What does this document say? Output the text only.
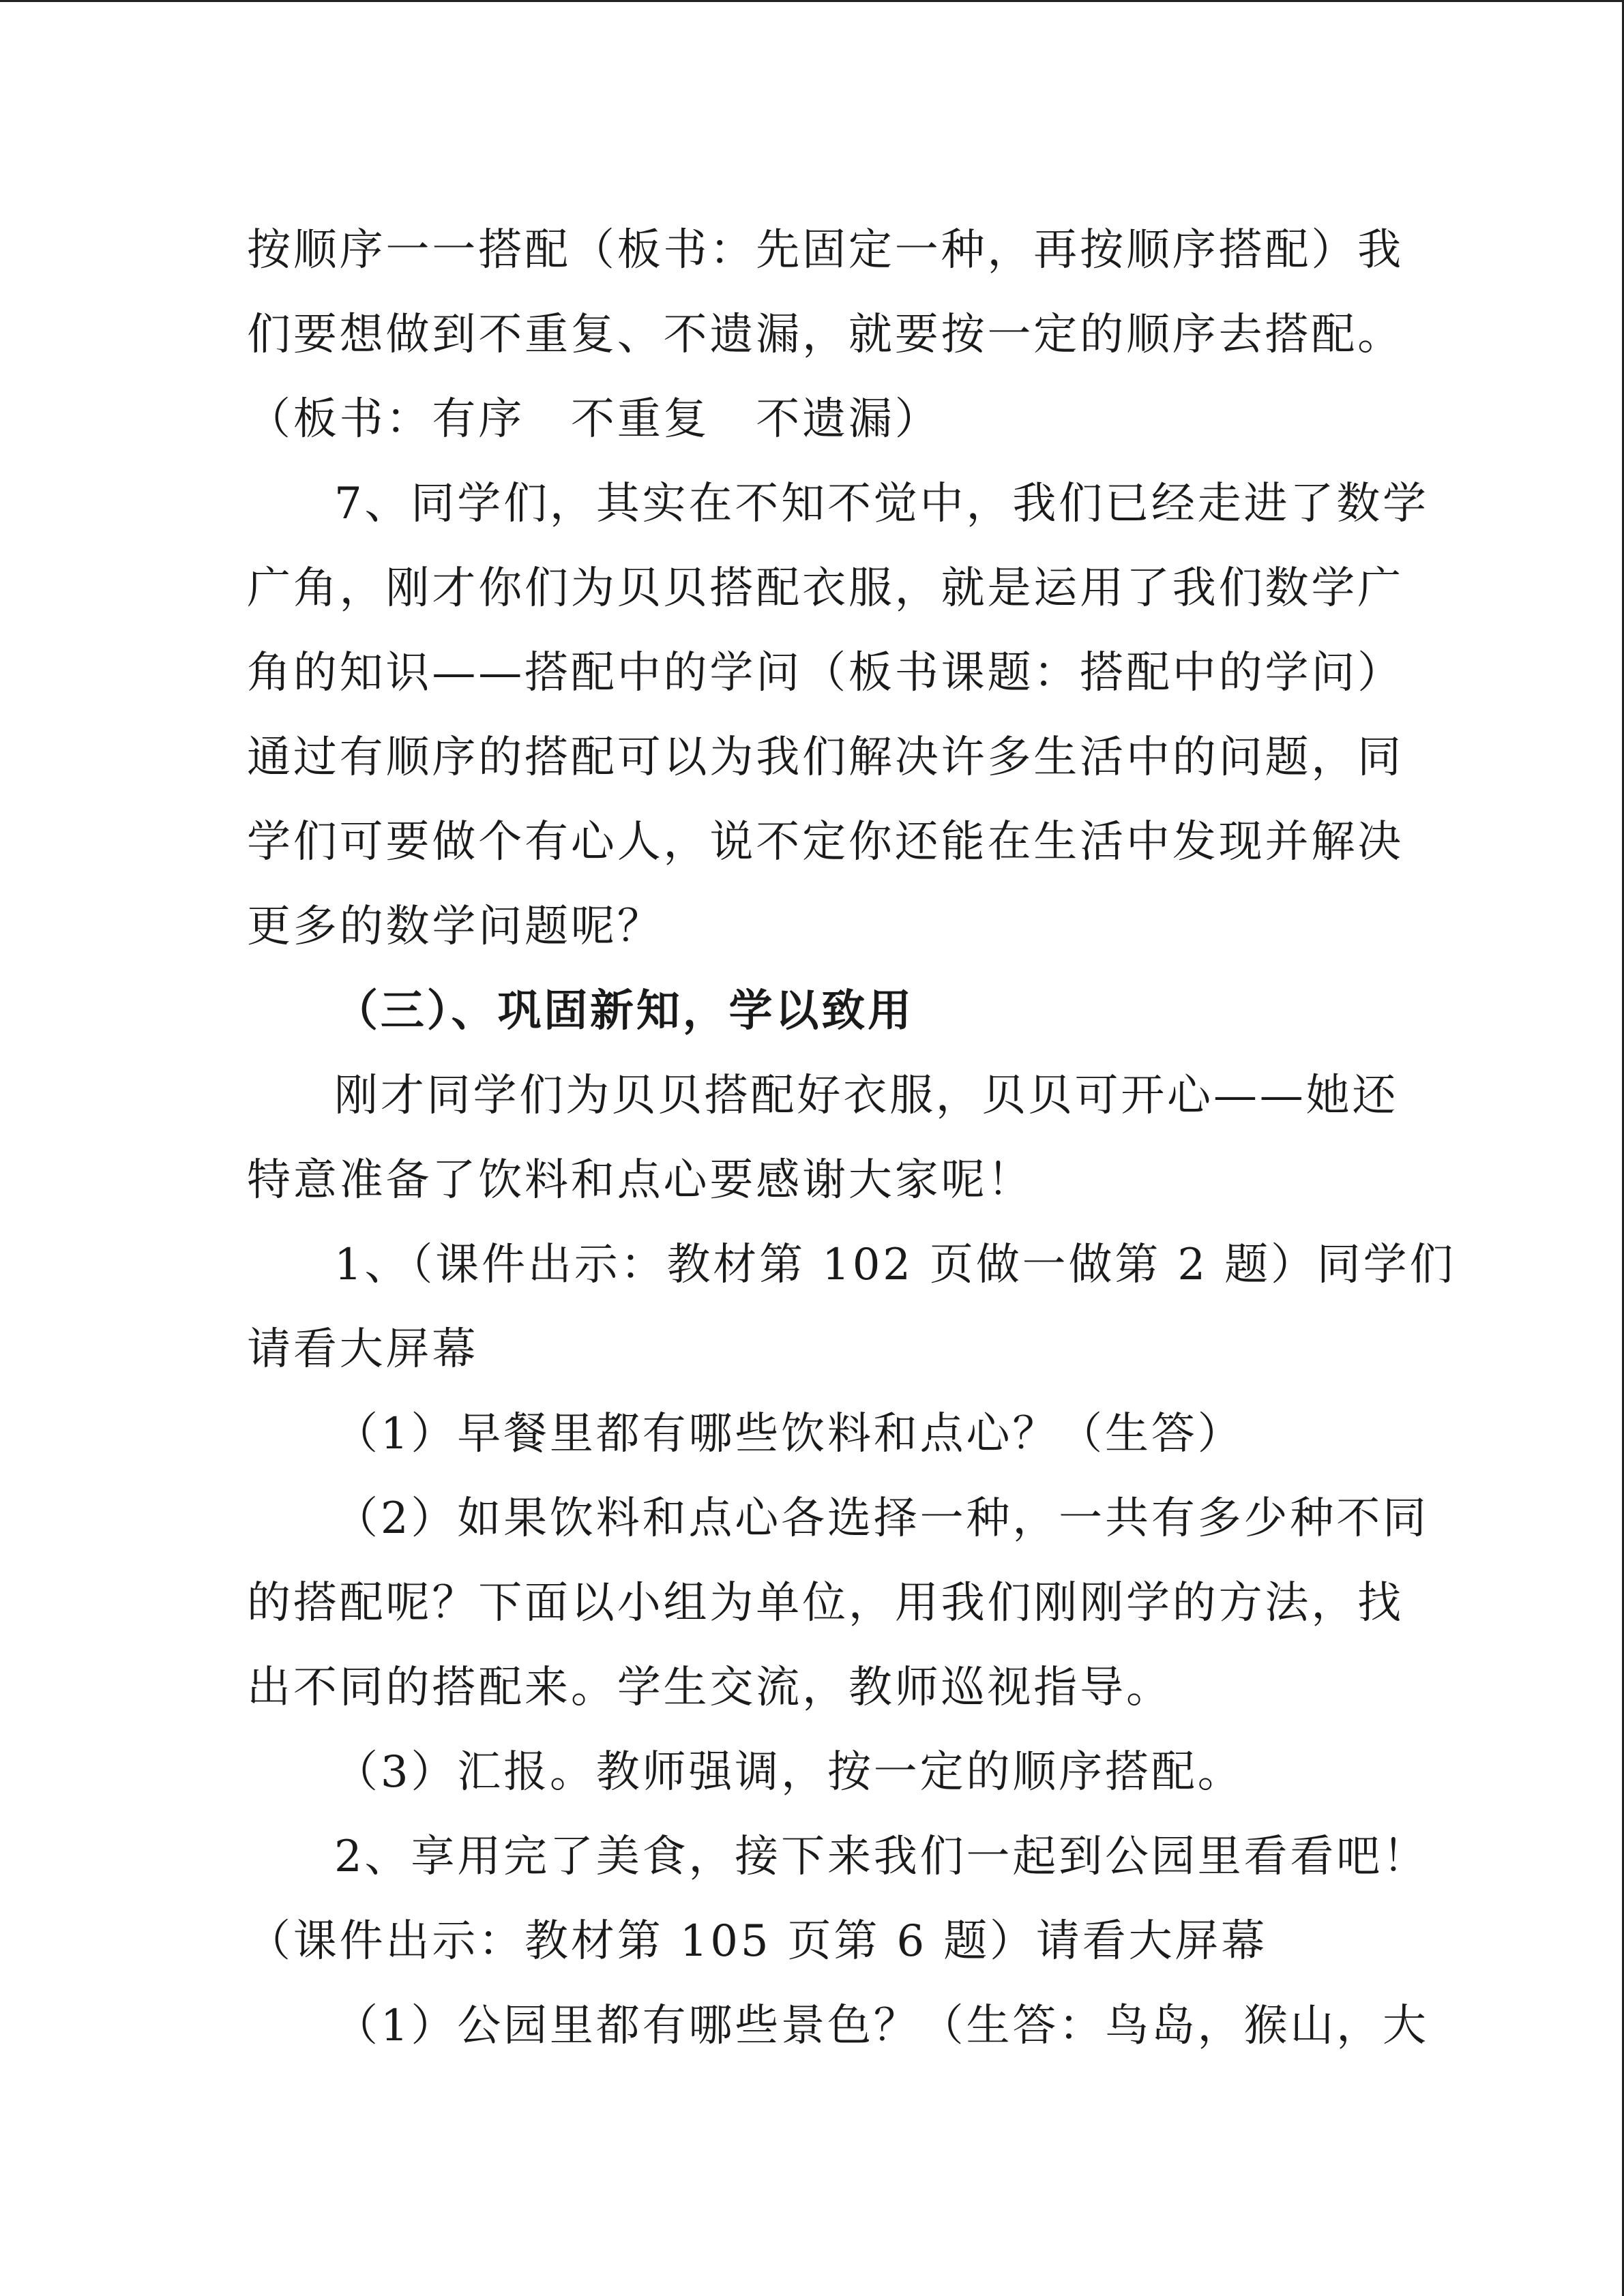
按顺序一一搭配（板书：先固定一种，再按顺序搭配）我
们要想做到不重复、不遗漏，就要按一定的顺序去搭配。
（板书：有序　不重复　不遗漏）
7、同学们，其实在不知不觉中，我们已经走进了数学
广角，刚才你们为贝贝搭配衣服，就是运用了我们数学广
角的知识——搭配中的学问（板书课题：搭配中的学问）
通过有顺序的搭配可以为我们解决许多生活中的问题，同
学们可要做个有心人，说不定你还能在生活中发现并解决
更多的数学问题呢？
（三）、巩固新知，学以致用
刚才同学们为贝贝搭配好衣服，贝贝可开心——她还
特意准备了饮料和点心要感谢大家呢！
1、（课件出示：教材第 102 页做一做第 2 题）同学们
请看大屏幕
（1）早餐里都有哪些饮料和点心？（生答）
（2）如果饮料和点心各选择一种，一共有多少种不同
的搭配呢？下面以小组为单位，用我们刚刚学的方法，找
出不同的搭配来。学生交流，教师巡视指导。
（3）汇报。教师强调，按一定的顺序搭配。
2、享用完了美食，接下来我们一起到公园里看看吧！
（课件出示：教材第 105 页第 6 题）请看大屏幕
（1）公园里都有哪些景色？（生答：鸟岛，猴山，大
